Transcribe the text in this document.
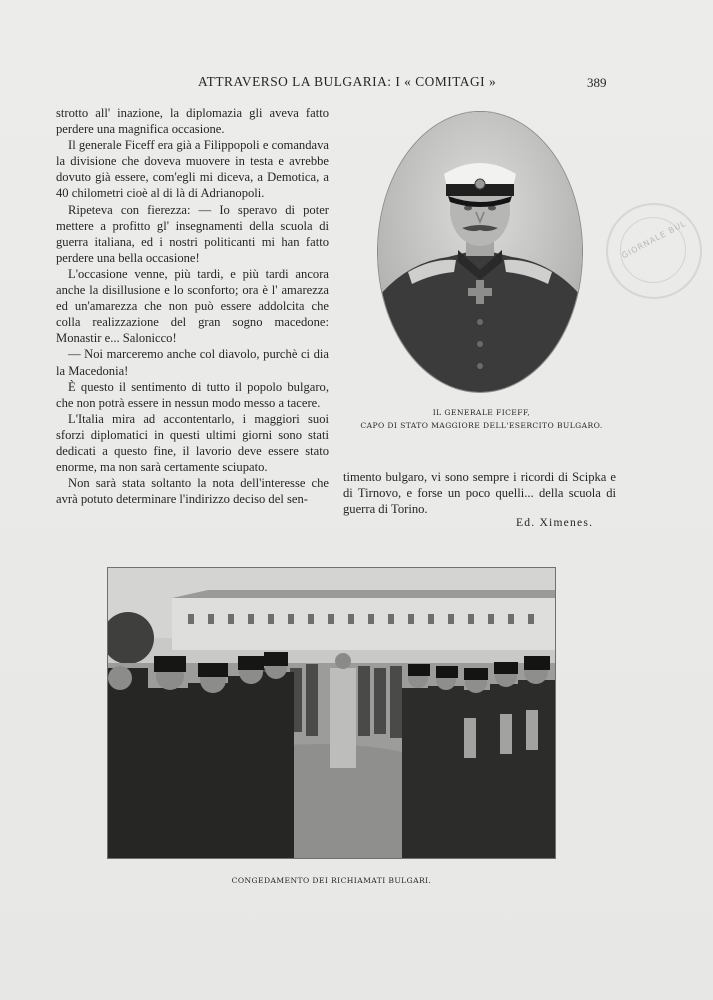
ATTRAVERSO LA BULGARIA: I « COMITAGI »	389

strotto all' inazione, la diplomazia gli aveva fatto perdere una magnifica occasione.

Il generale Ficeff era già a Filippopoli e comandava la divisione che doveva muovere in testa e avrebbe dovuto già essere, com'egli mi diceva, a Demotica, a 40 chilometri cioè al di là di Adrianopoli.

Ripeteva con fierezza: — Io speravo di poter mettere a profitto gl' insegnamenti della scuola di guerra italiana, ed i nostri politicanti mi han fatto perdere una bella occasione!

L'occasione venne, più tardi, e più tardi ancora anche la disillusione e lo sconforto; ora è l' amarezza ed un'amarezza che non può essere addolcita che colla realizzazione del gran sogno macedone: Monastir e... Salonicco!

— Noi marceremo anche col diavolo, purchè ci dia la Macedonia!

È questo il sentimento di tutto il popolo bulgaro, che non potrà essere in nessun modo messo a tacere.

L'Italia mira ad accontentarlo, i maggiori suoi sforzi diplomatici in questi ultimi giorni sono stati dedicati a questo fine, il lavorio deve essere stato enorme, ma non sarà certamente sciupato.

Non sarà stata soltanto la nota dell'interesse che avrà potuto determinare l'indirizzo deciso del sen-

GIORNALE BUL
IL GENERALE FICEFF,
CAPO DI STATO MAGGIORE DELL'ESERCITO BULGARO.

timento bulgaro, vi sono sempre i ricordi di Scipka e di Tirnovo, e forse un poco quelli... della scuola di guerra di Torino.

Ed. Ximenes.
CONGEDAMENTO DEI RICHIAMATI BULGARI.
